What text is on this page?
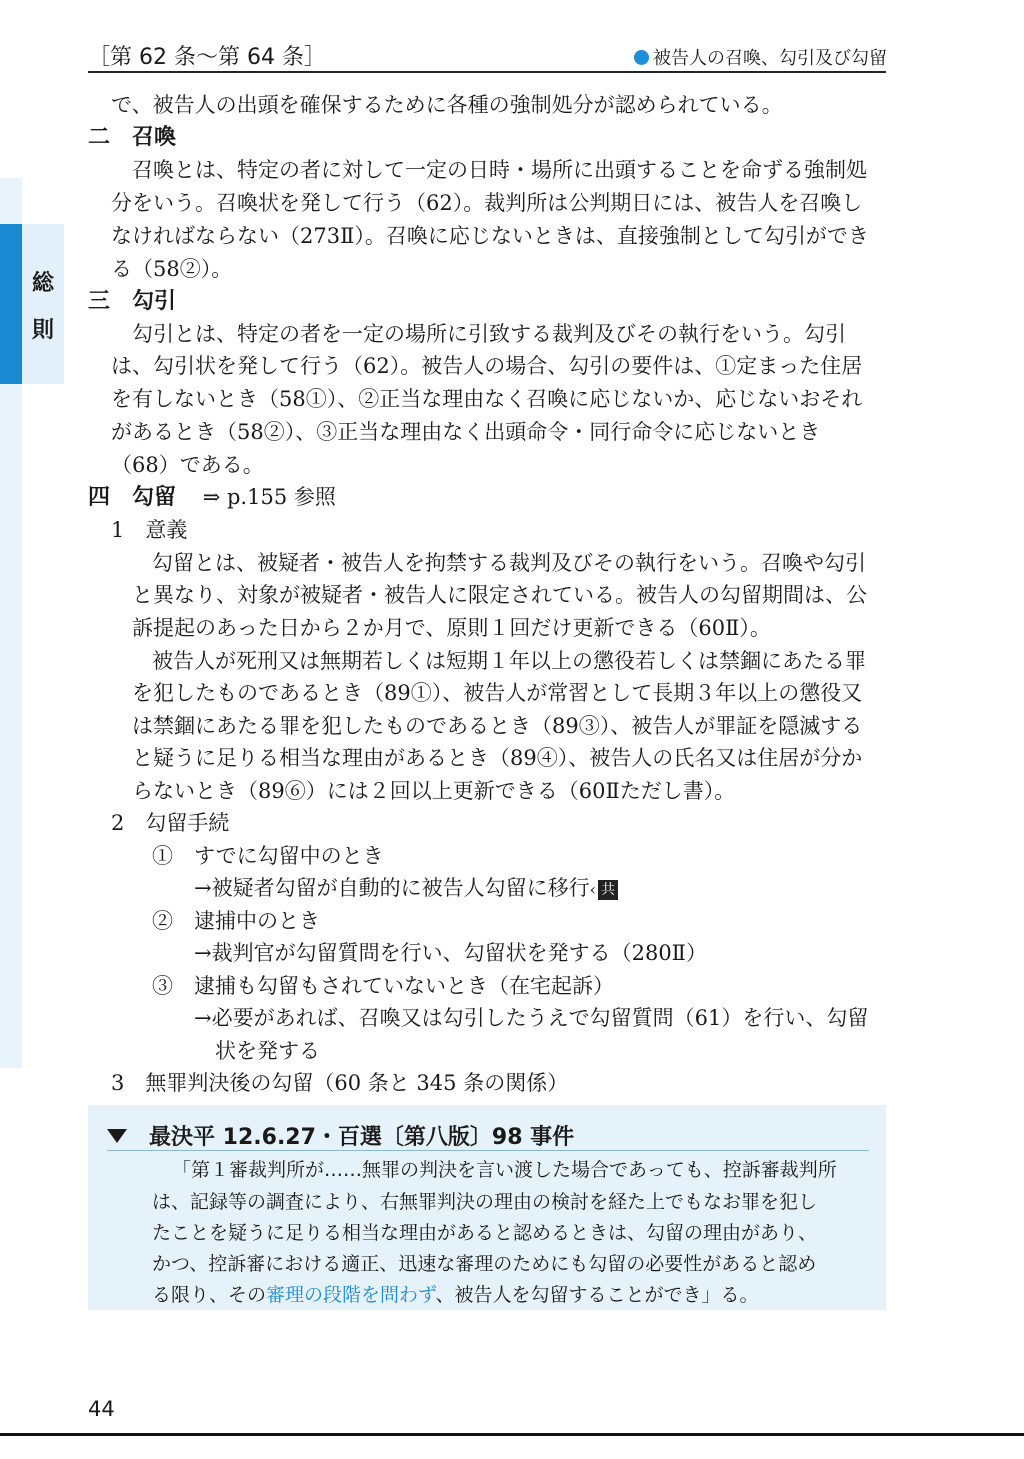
［第 62 条～第 64 条］	被告人の召喚、勾引及び勾留
総
則
で、被告人の出頭を確保するために各種の強制処分が認められている。
二　召喚
召喚とは、特定の者に対して一定の日時・場所に出頭することを命ずる強制処
分をいう。召喚状を発して行う（62）。裁判所は公判期日には、被告人を召喚し
なければならない（273Ⅱ）。召喚に応じないときは、直接強制として勾引ができ
る（58②）。
三　勾引
勾引とは、特定の者を一定の場所に引致する裁判及びその執行をいう。勾引
は、勾引状を発して行う（62）。被告人の場合、勾引の要件は、①定まった住居
を有しないとき（58①）、②正当な理由なく召喚に応じないか、応じないおそれ
があるとき（58②）、③正当な理由なく出頭命令・同行命令に応じないとき
（68）である。
四　勾留 ⇒ p.155 参照
1　意義
勾留とは、被疑者・被告人を拘禁する裁判及びその執行をいう。召喚や勾引
と異なり、対象が被疑者・被告人に限定されている。被告人の勾留期間は、公
訴提起のあった日から２か月で、原則１回だけ更新できる（60Ⅱ）。
被告人が死刑又は無期若しくは短期１年以上の懲役若しくは禁錮にあたる罪
を犯したものであるとき（89①）、被告人が常習として長期３年以上の懲役又
は禁錮にあたる罪を犯したものであるとき（89③）、被告人が罪証を隠滅する
と疑うに足りる相当な理由があるとき（89④）、被告人の氏名又は住居が分か
らないとき（89⑥）には２回以上更新できる（60Ⅱただし書）。
2　勾留手続
①　すでに勾留中のとき
→被疑者勾留が自動的に被告人勾留に移行‹ 共
②　逮捕中のとき
→裁判官が勾留質問を行い、勾留状を発する（280Ⅱ）
③　逮捕も勾留もされていないとき（在宅起訴）
→必要があれば、召喚又は勾引したうえで勾留質問（61）を行い、勾留
状を発する
3　無罪判決後の勾留（60 条と 345 条の関係）
最決平 12.6.27・百選〔第八版〕98 事件
「第１審裁判所が……無罪の判決を言い渡した場合であっても、控訴審裁判所
は、記録等の調査により、右無罪判決の理由の検討を経た上でもなお罪を犯し
たことを疑うに足りる相当な理由があると認めるときは、勾留の理由があり、
かつ、控訴審における適正、迅速な審理のためにも勾留の必要性があると認め
る限り、その審理の段階を問わず、被告人を勾留することができ」る。
44
